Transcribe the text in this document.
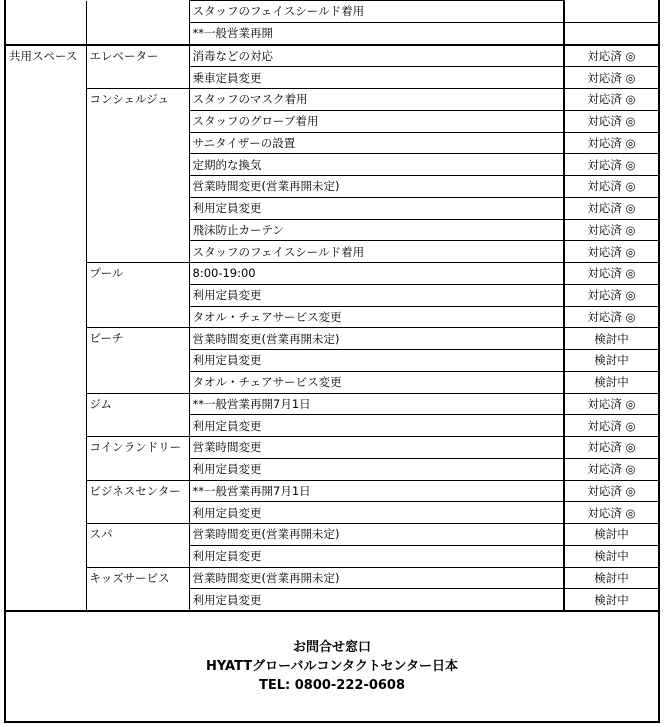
		スタッフのフェイスシールド着用	
		**一般営業再開	
共用スペース	エレベーター	消毒などの対応	対応済 ◎
		乗車定員変更	対応済 ◎
	コンシェルジュ	スタッフのマスク着用	対応済 ◎
		スタッフのグローブ着用	対応済 ◎
		サニタイザーの設置	対応済 ◎
		定期的な換気	対応済 ◎
		営業時間変更(営業再開未定)	対応済 ◎
		利用定員変更	対応済 ◎
		飛沫防止カーテン	対応済 ◎
		スタッフのフェイスシールド着用	対応済 ◎
	プール	8:00-19:00	対応済 ◎
		利用定員変更	対応済 ◎
		タオル・チェアサービス変更	対応済 ◎
	ビーチ	営業時間変更(営業再開未定)	検討中
		利用定員変更	検討中
		タオル・チェアサービス変更	検討中
	ジム	**一般営業再開7月1日	対応済 ◎
		利用定員変更	対応済 ◎
	コインランドリー	営業時間変更	対応済 ◎
		利用定員変更	対応済 ◎
	ビジネスセンター	**一般営業再開7月1日	対応済 ◎
		利用定員変更	対応済 ◎
	スパ	営業時間変更(営業再開未定)	検討中
		利用定員変更	検討中
	キッズサービス	営業時間変更(営業再開未定)	検討中
		利用定員変更	検討中
お問合せ窓口
HYATTグローバルコンタクトセンター日本
TEL: 0800-222-0608
